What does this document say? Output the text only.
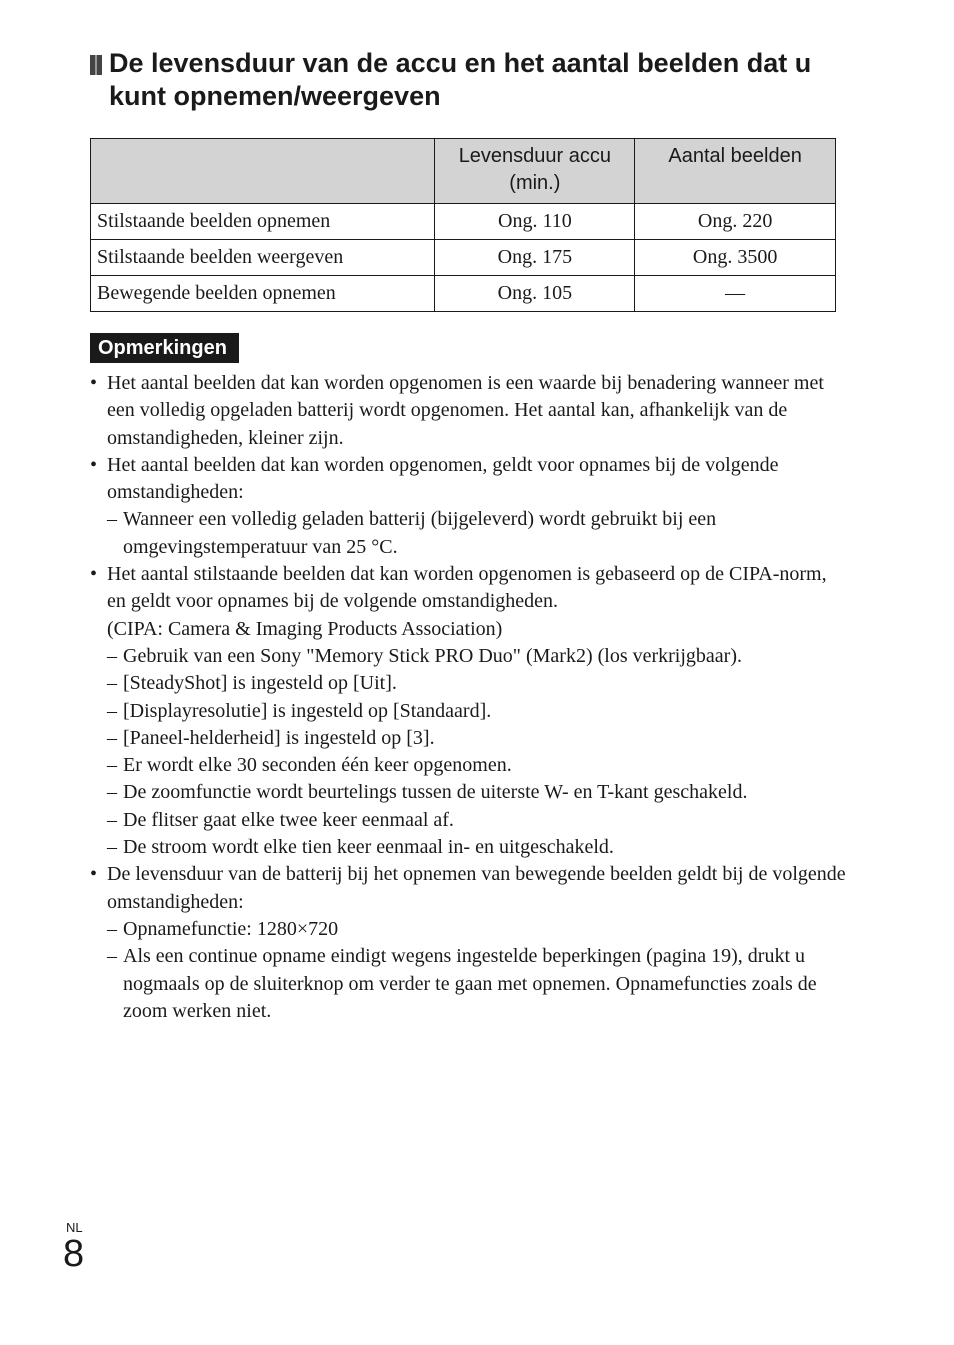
De levensduur van de accu en het aantal beelden dat u kunt opnemen/weergeven
	Levensduur accu (min.)	Aantal beelden
Stilstaande beelden opnemen	Ong. 110	Ong. 220
Stilstaande beelden weergeven	Ong. 175	Ong. 3500
Bewegende beelden opnemen	Ong. 105	—
Opmerkingen
• Het aantal beelden dat kan worden opgenomen is een waarde bij benadering wanneer met een volledig opgeladen batterij wordt opgenomen. Het aantal kan, afhankelijk van de omstandigheden, kleiner zijn.
• Het aantal beelden dat kan worden opgenomen, geldt voor opnames bij de volgende omstandigheden:
– Wanneer een volledig geladen batterij (bijgeleverd) wordt gebruikt bij een omgevingstemperatuur van 25 °C.
• Het aantal stilstaande beelden dat kan worden opgenomen is gebaseerd op de CIPA-norm, en geldt voor opnames bij de volgende omstandigheden.
(CIPA: Camera & Imaging Products Association)
– Gebruik van een Sony "Memory Stick PRO Duo" (Mark2) (los verkrijgbaar).
– [SteadyShot] is ingesteld op [Uit].
– [Displayresolutie] is ingesteld op [Standaard].
– [Paneel-helderheid] is ingesteld op [3].
– Er wordt elke 30 seconden één keer opgenomen.
– De zoomfunctie wordt beurtelings tussen de uiterste W- en T-kant geschakeld.
– De flitser gaat elke twee keer eenmaal af.
– De stroom wordt elke tien keer eenmaal in- en uitgeschakeld.
• De levensduur van de batterij bij het opnemen van bewegende beelden geldt bij de volgende omstandigheden:
– Opnamefunctie: 1280×720
– Als een continue opname eindigt wegens ingestelde beperkingen (pagina 19), drukt u nogmaals op de sluiterknop om verder te gaan met opnemen. Opnamefuncties zoals de zoom werken niet.
NL
8
